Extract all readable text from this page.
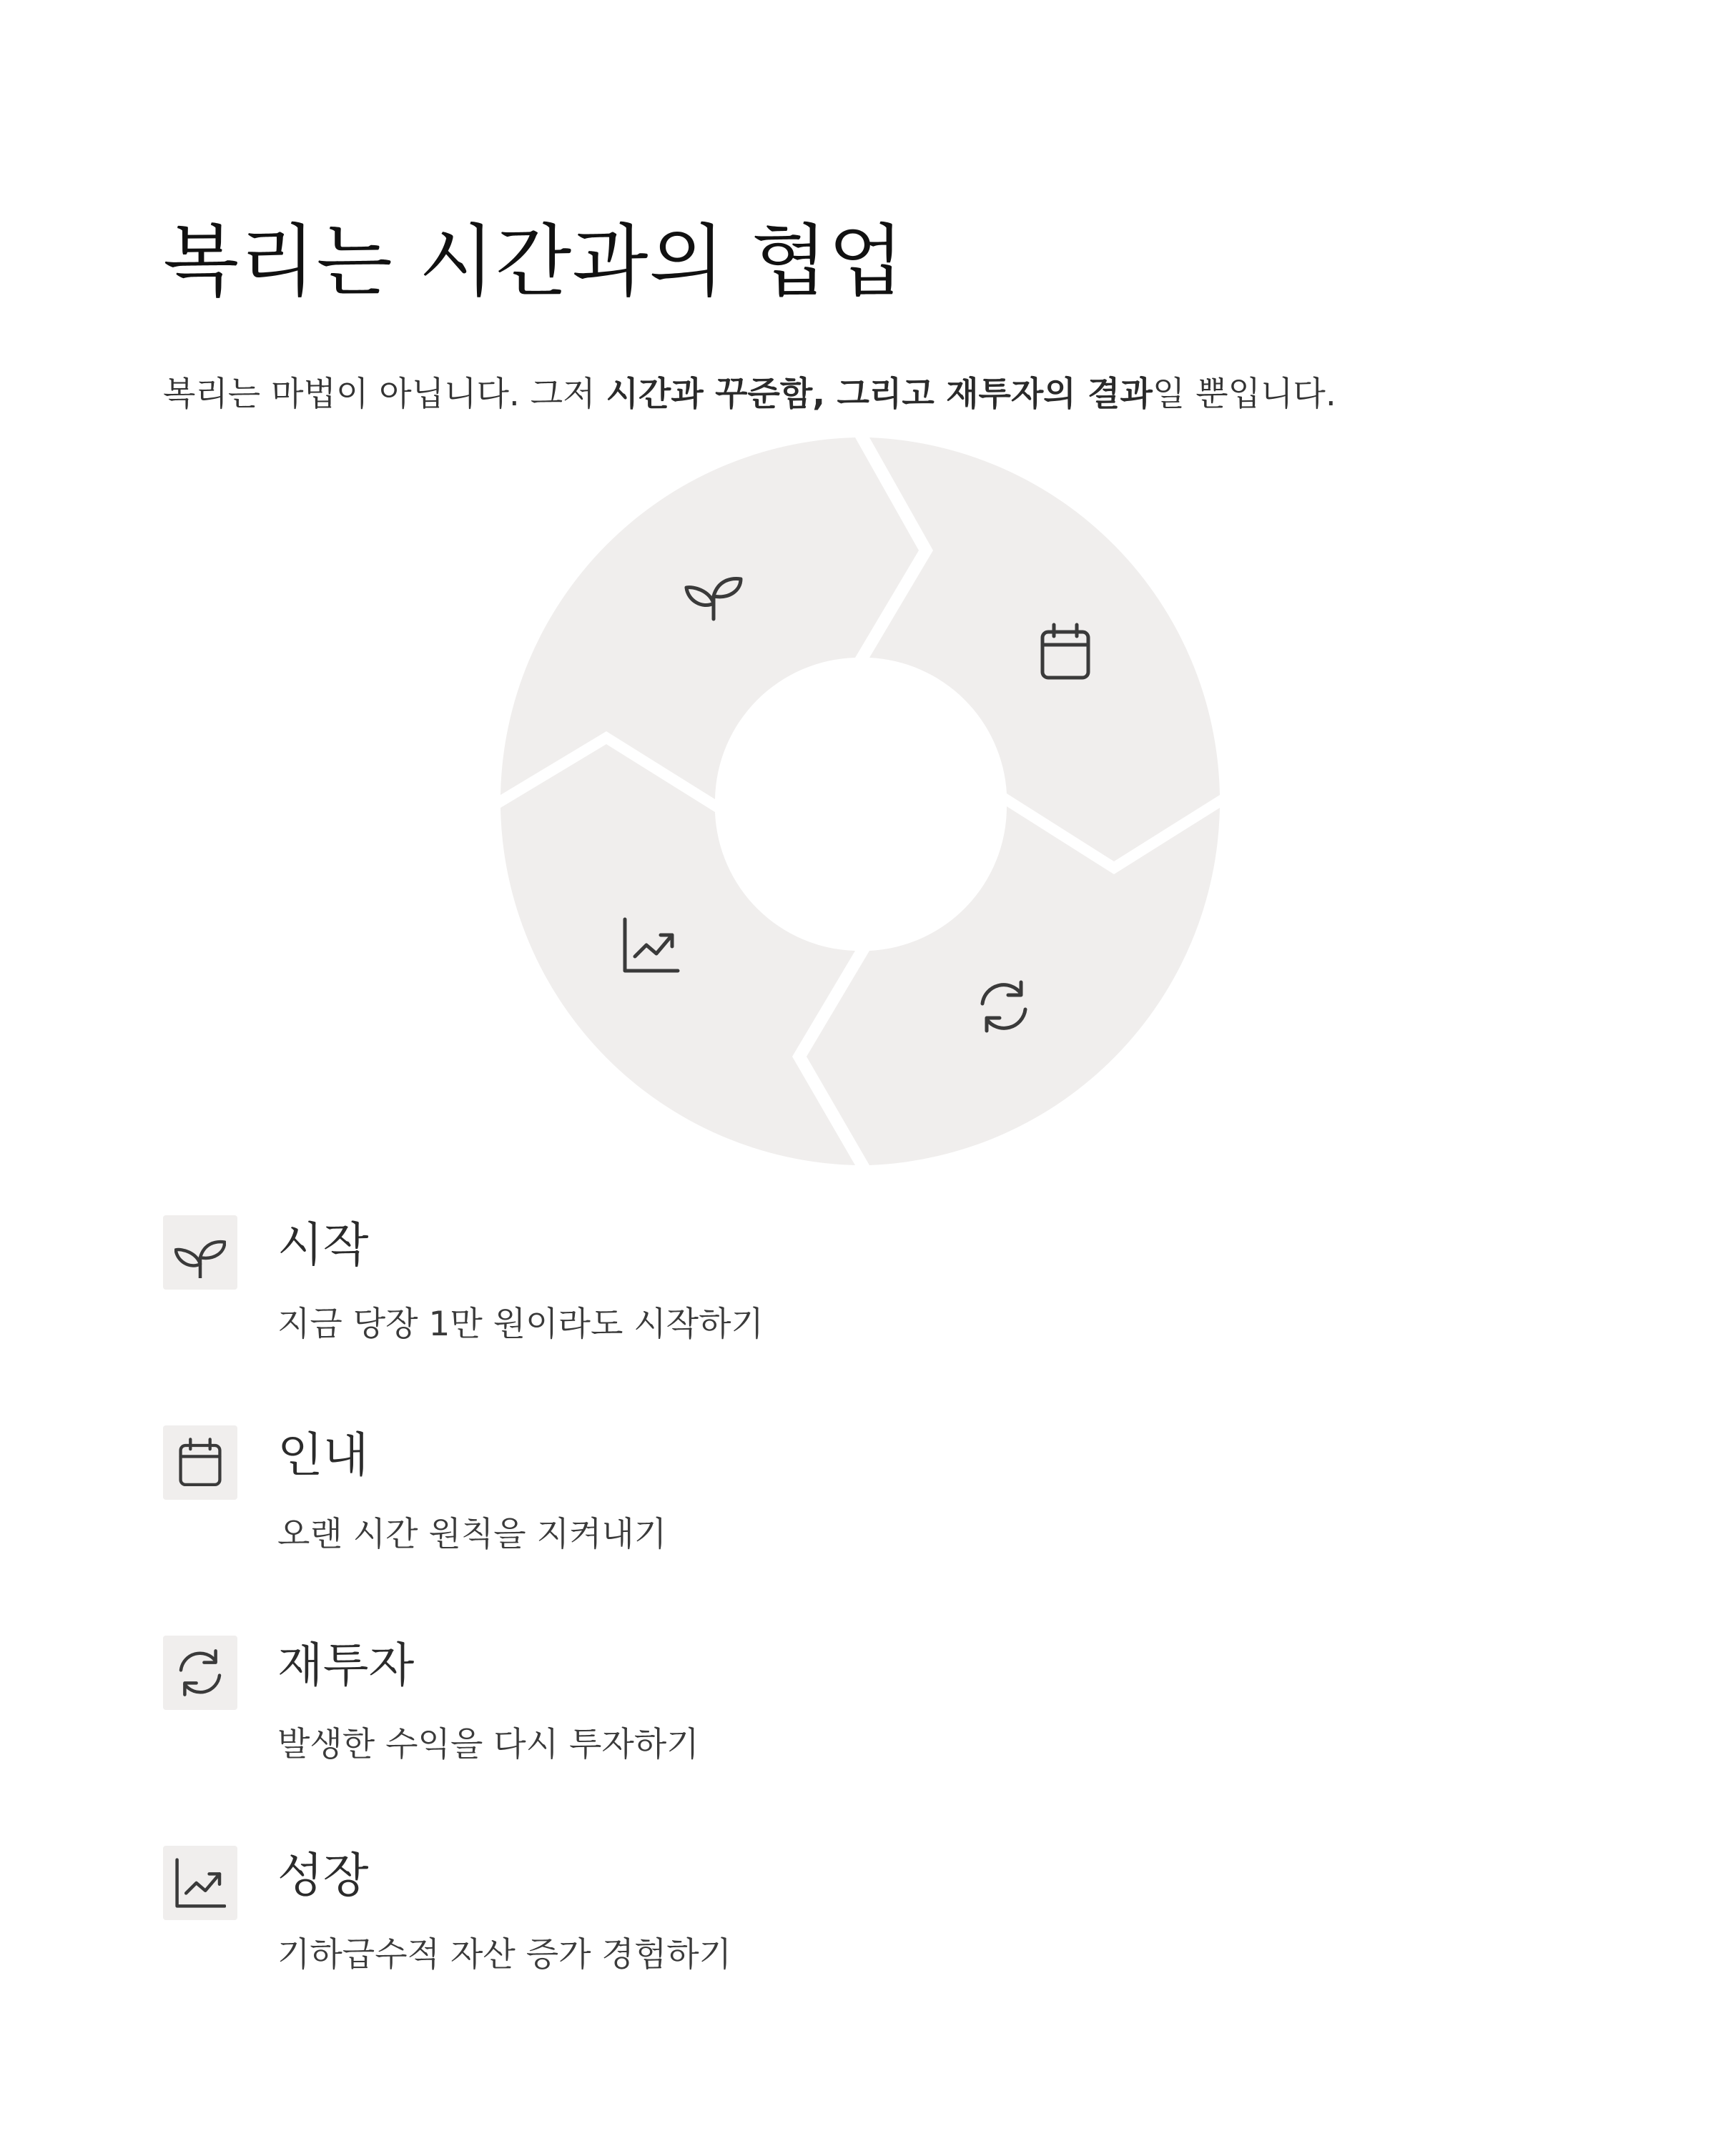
복리는 시간과의 협업

복리는 마법이 아닙니다. 그저 시간과 꾸준함, 그리고 재투자의 결과일 뿐입니다.

시작
지금 당장 1만 원이라도 시작하기
인내
오랜 시간 원칙을 지켜내기
재투자
발생한 수익을 다시 투자하기
성장
기하급수적 자산 증가 경험하기
